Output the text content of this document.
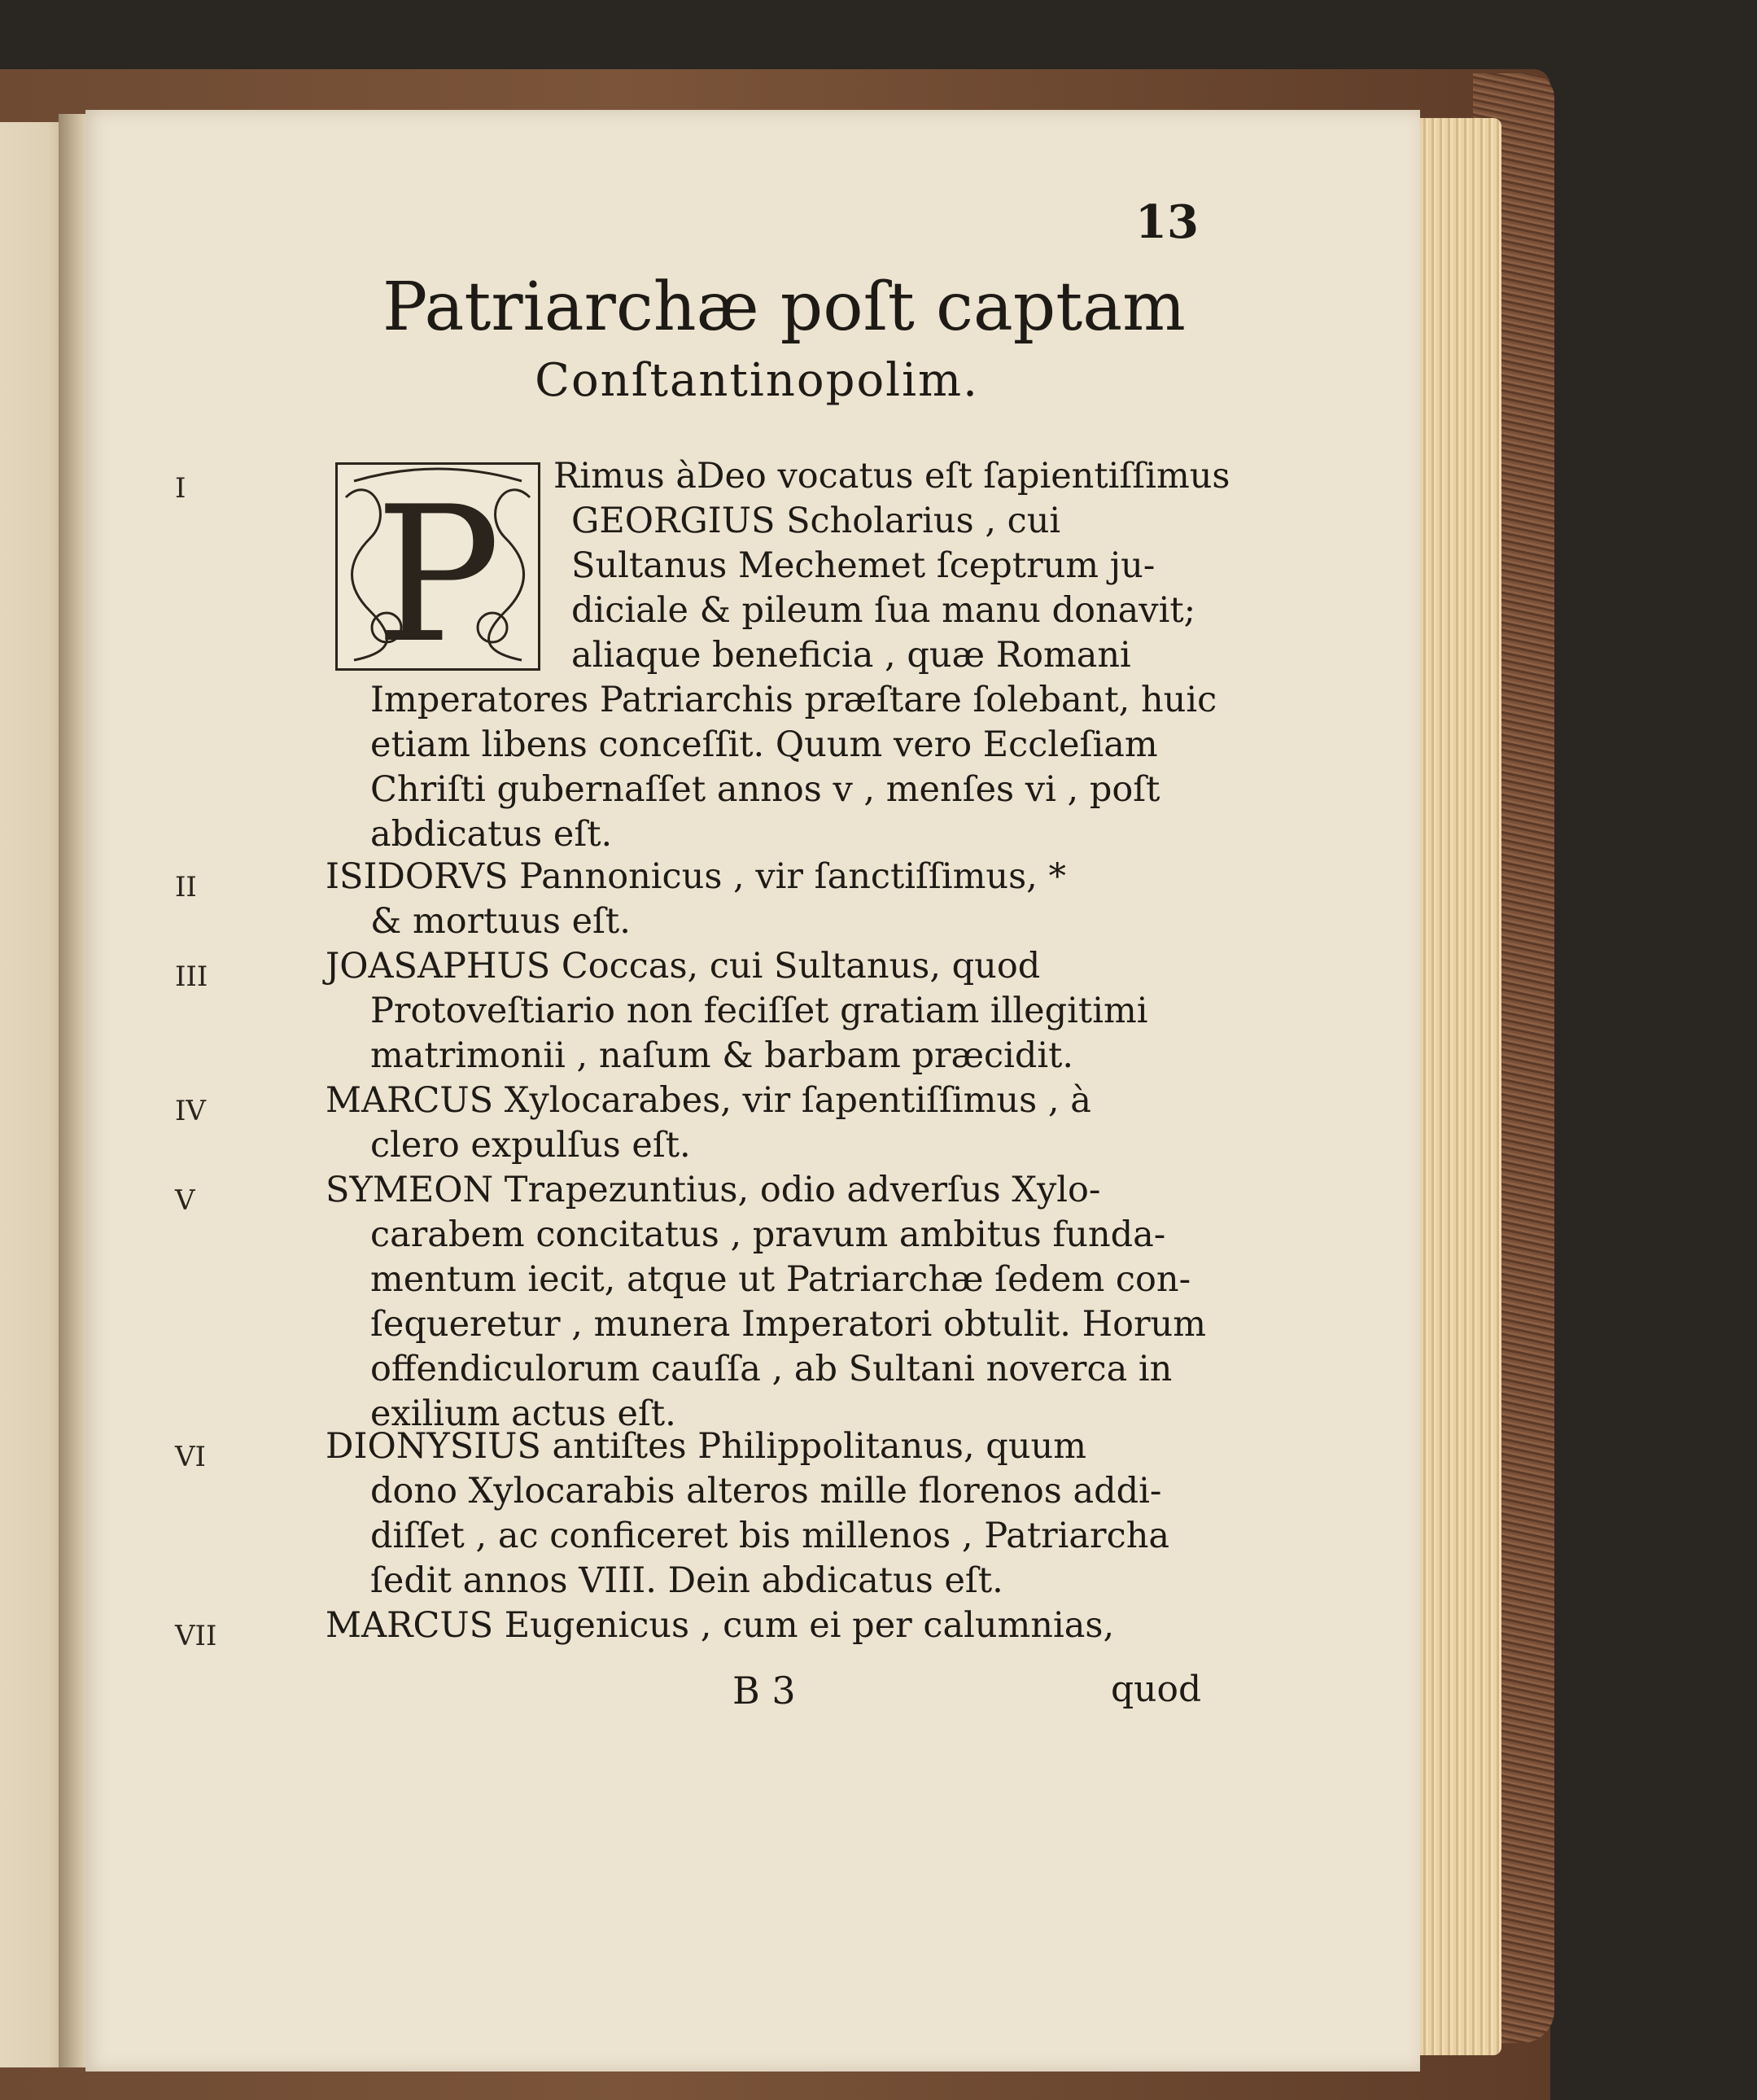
13
Patriarchæ poſt captam
Conſtantinopolim.
P
I	Rimus àDeo vocatus eſt ſapientiſſimus
GEORGIUS Scholarius , cui
Sultanus Mechemet ſceptrum ju-
diciale & pileum ſua manu donavit;
aliaque beneficia , quæ Romani
Imperatores Patriarchis præſtare ſolebant, huic
etiam libens conceſſit. Quum vero Eccleſiam
Chriſti gubernaſſet annos v , menſes vi , poſt
abdicatus eſt.
II	ISIDORVS Pannonicus , vir ſanctiſſimus, *
& mortuus eſt.
III	JOASAPHUS Coccas, cui Sultanus, quod
Protoveſtiario non feciſſet gratiam illegitimi
matrimonii , naſum & barbam præcidit.
IV	MARCUS Xylocarabes, vir ſapentiſſimus , à
clero expulſus eſt.
V	SYMEON Trapezuntius, odio adverſus Xylo-
carabem concitatus , pravum ambitus funda-
mentum iecit, atque ut Patriarchæ ſedem con-
ſequeretur , munera Imperatori obtulit. Horum
offendiculorum cauſſa , ab Sultani noverca in
exilium actus eſt.
VI	DIONYSIUS antiſtes Philippolitanus, quum
dono Xylocarabis alteros mille florenos addi-
diſſet , ac conficeret bis millenos , Patriarcha
ſedit annos VIII. Dein abdicatus eſt.
VII	MARCUS Eugenicus , cum ei per calumnias,
B 3	quod
